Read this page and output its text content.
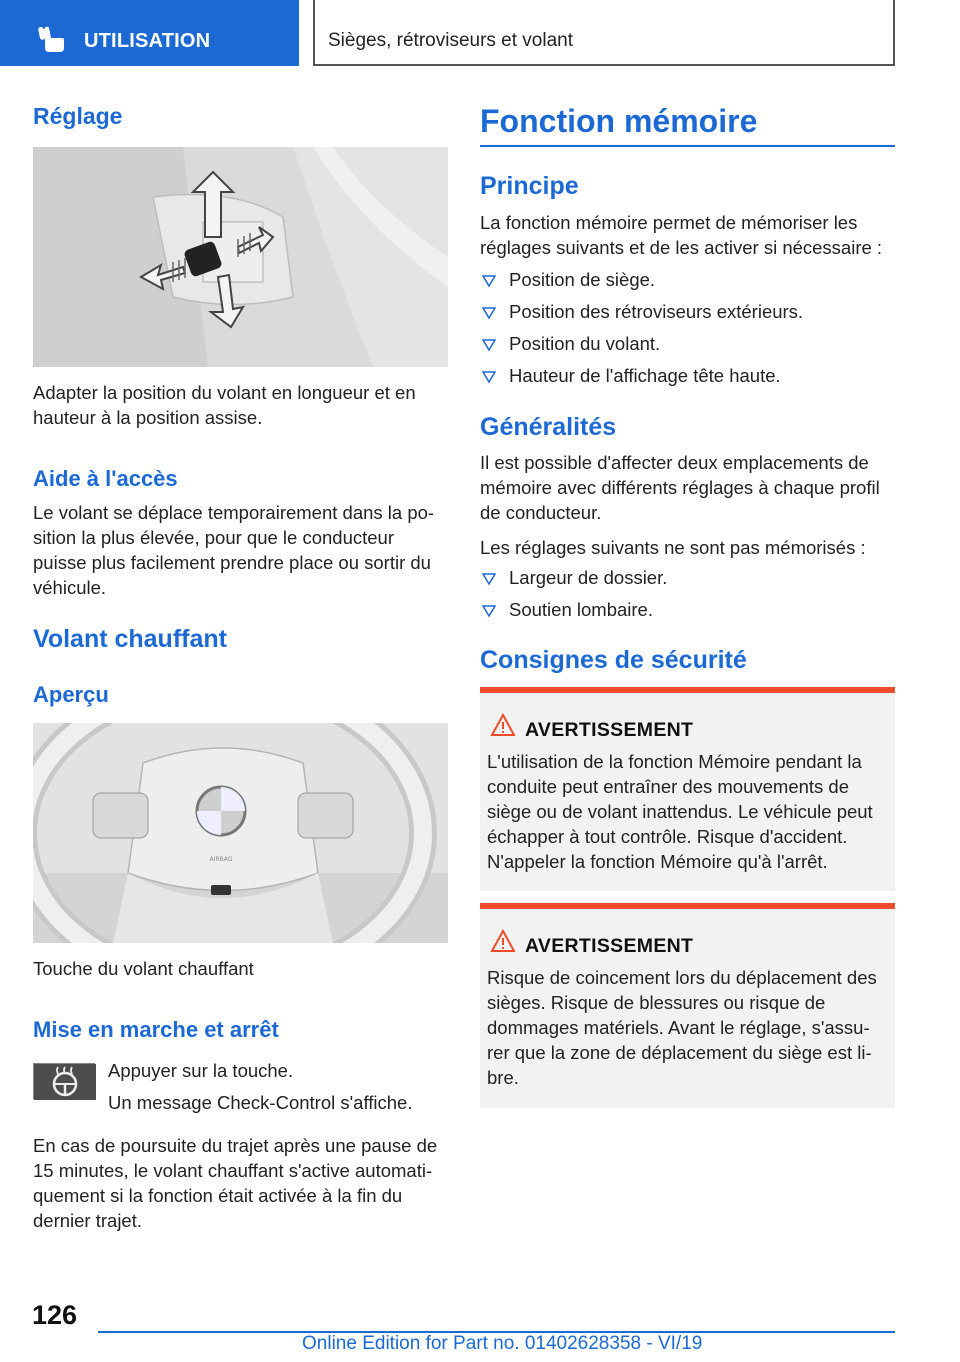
UTILISATION	Sièges, rétroviseurs et volant
Réglage
Adapter la position du volant en longueur et en hauteur à la position assise.
Aide à l'accès
Le volant se déplace temporairement dans la po-sition la plus élevée, pour que le conducteur puisse plus facilement prendre place ou sortir du véhicule.
Volant chauffant
Aperçu
AIRBAG
Touche du volant chauffant
Mise en marche et arrêt
Appuyer sur la touche.
Un message Check-Control s'affiche.
En cas de poursuite du trajet après une pause de 15 minutes, le volant chauffant s'active automati-quement si la fonction était activée à la fin du dernier trajet.
Fonction mémoire
Principe
La fonction mémoire permet de mémoriser les réglages suivants et de les activer si nécessaire :
Position de siège.
Position des rétroviseurs extérieurs.
Position du volant.
Hauteur de l'affichage tête haute.
Généralités
Il est possible d'affecter deux emplacements de mémoire avec différents réglages à chaque profil de conducteur.
Les réglages suivants ne sont pas mémorisés :
Largeur de dossier.
Soutien lombaire.
Consignes de sécurité
AVERTISSEMENT
L'utilisation de la fonction Mémoire pendant la conduite peut entraîner des mouvements de siège ou de volant inattendus. Le véhicule peut échapper à tout contrôle. Risque d'accident. N'appeler la fonction Mémoire qu'à l'arrêt.
AVERTISSEMENT
Risque de coincement lors du déplacement des sièges. Risque de blessures ou risque de dommages matériels. Avant le réglage, s'assu-rer que la zone de déplacement du siège est li-bre.
126
Online Edition for Part no. 01402628358 - VI/19
